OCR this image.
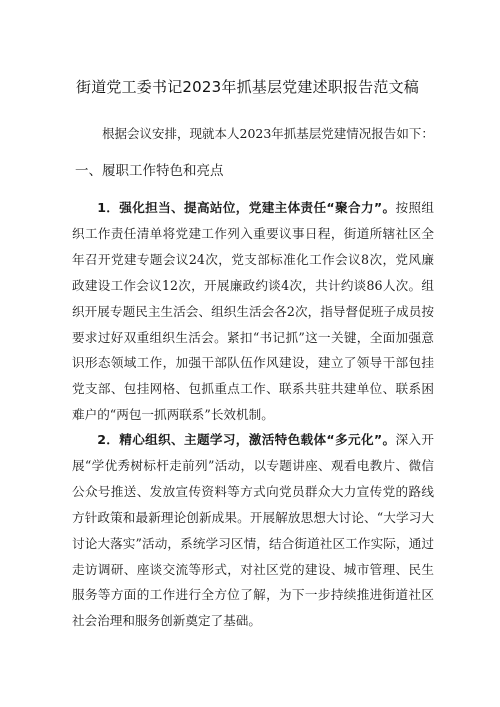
街道党工委书记2023年抓基层党建述职报告范文稿
根据会议安排，现就本人2023年抓基层党建情况报告如下：
一、履职工作特色和亮点

1．强化担当、提高站位，党建主体责任“聚合力”。按照组织工作责任清单将党建工作列入重要议事日程，街道所辖社区全年召开党建专题会议24次，党支部标准化工作会议8次，党风廉政建设工作会议12次，开展廉政约谈4次，共计约谈86人次。组织开展专题民主生活会、组织生活会各2次，指导督促班子成员按要求过好双重组织生活会。紧扣“书记抓”这一关键，全面加强意识形态领域工作，加强干部队伍作风建设，建立了领导干部包挂党支部、包挂网格、包抓重点工作、联系共驻共建单位、联系困难户的“两包一抓两联系”长效机制。

2．精心组织、主题学习，激活特色载体“多元化”。深入开展“学优秀树标杆走前列”活动，以专题讲座、观看电教片、微信公众号推送、发放宣传资料等方式向党员群众大力宣传党的路线方针政策和最新理论创新成果。开展解放思想大讨论、“大学习大讨论大落实”活动，系统学习区情，结合街道社区工作实际，通过走访调研、座谈交流等形式，对社区党的建设、城市管理、民生服务等方面的工作进行全方位了解，为下一步持续推进街道社区社会治理和服务创新奠定了基础。
